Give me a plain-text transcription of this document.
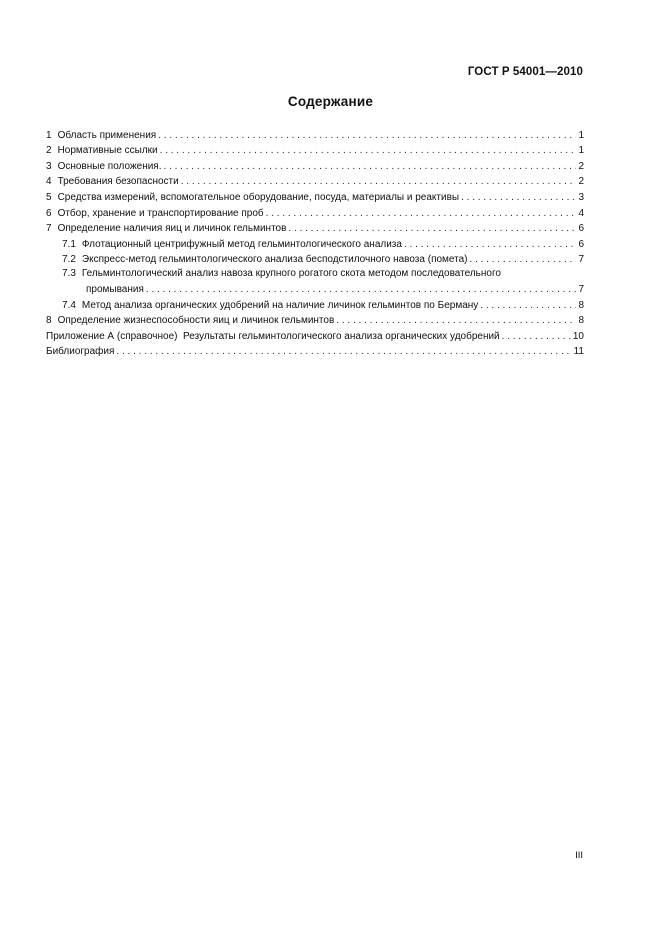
ГОСТ Р 54001—2010
Содержание
1 Область применения . . .	1
2 Нормативные ссылки . . .	1
3 Основные положения. . . .	2
4 Требования безопасности . . .	2
5 Средства измерений, вспомогательное оборудование, посуда, материалы и реактивы . . .	3
6 Отбор, хранение и транспортирование проб . . .	4
7 Определение наличия яиц и личинок гельминтов . . .	6
7.1 Флотационный центрифужный метод гельминтологического анализа . . .	6
7.2 Экспресс-метод гельминтологического анализа бесподстилочного навоза (помета) . . .	7
7.3 Гельминтологический анализ навоза крупного рогатого скота методом последовательного
промывания . . .	7
7.4 Метод анализа органических удобрений на наличие личинок гельминтов по Берману . . .	8
8 Определение жизнеспособности яиц и личинок гельминтов . . .	8
Приложение А (справочное)  Результаты гельминтологического анализа органических удобрений . . .	10
Библиография . . .	11
III
